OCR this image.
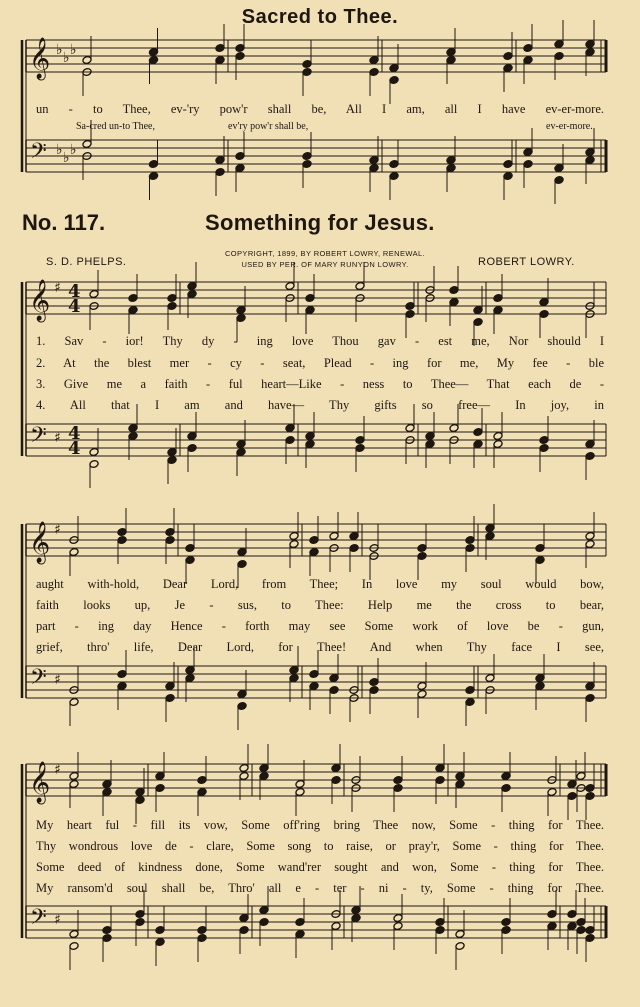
Sacred to Thee.
𝄞
𝄢
♭ ♭ ♭
♭ ♭ ♭
𝄞
𝄢
♯
♯
4
4
4
4
𝄞
𝄢
♯
♯
𝄞
𝄢
♯
♯
un - to Thee, ev-'ry pow'r shall be, All I am, all I have ev-er-more.
Sa-cred un-to Thee,	ev'ry pow'r shall be,	ev-er-more.
No. 117.	Something for Jesus.
COPYRIGHT, 1899, BY ROBERT LOWRY, RENEWAL.
USED BY PER. OF MARY RUNYON LOWRY.
S. D. PHELPS.	ROBERT LOWRY.
1. Sav - ior! Thy dy - ing love Thou gav - est me, Nor should I
2. At the blest mer - cy - seat, Plead - ing for me, My fee - ble
3. Give me a faith - ful heart—Like - ness to Thee— That each de -
4. All that I am and have— Thy gifts so free— In joy, in
aught with-hold, Dear Lord, from Thee; In love my soul would bow,
faith looks up, Je - sus, to Thee: Help me the cross to bear,
part - ing day Hence - forth may see Some work of love be - gun,
grief, thro' life, Dear Lord, for Thee! And when Thy face I see,
My heart ful - fill its vow, Some off'ring bring Thee now, Some - thing for Thee.
Thy wondrous love de - clare, Some song to raise, or pray'r, Some - thing for Thee.
Some deed of kindness done, Some wand'rer sought and won, Some - thing for Thee.
My ransom'd soul shall be, Thro' all e - ter - ni - ty, Some - thing for Thee.
